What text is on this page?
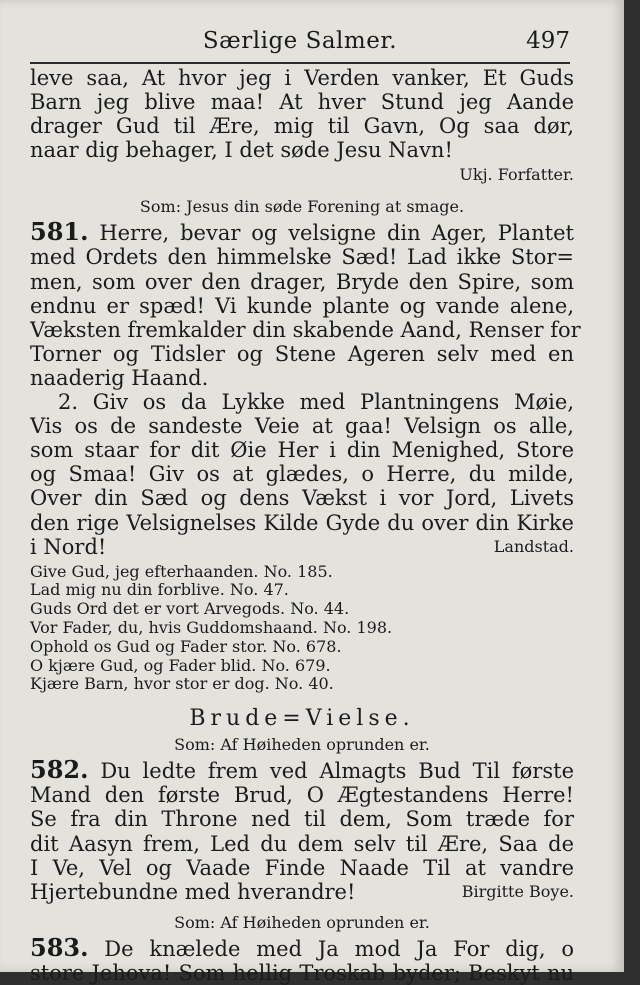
Særlige Salmer.	497
leve saa, At hvor jeg i Verden vanker, Et Guds
Barn jeg blive maa! At hver Stund jeg Aande
drager Gud til Ære, mig til Gavn, Og saa dør,
naar dig behager, I det søde Jesu Navn!
Ukj. Forfatter.
Som: Jesus din søde Forening at smage.
581. Herre, bevar og velsigne din Ager, Plantet
med Ordets den himmelske Sæd! Lad ikke Stor=
men, som over den drager, Bryde den Spire, som
endnu er spæd! Vi kunde plante og vande alene,
Væksten fremkalder din skabende Aand, Renser for
Torner og Tidsler og Stene Ageren selv med en
naaderig Haand.
2. Giv os da Lykke med Plantningens Møie,
Vis os de sandeste Veie at gaa! Velsign os alle,
som staar for dit Øie Her i din Menighed, Store
og Smaa! Giv os at glædes, o Herre, du milde,
Over din Sæd og dens Vækst i vor Jord, Livets
den rige Velsignelses Kilde Gyde du over din Kirke
i Nord!	Landstad.
Give Gud, jeg efterhaanden. No. 185.
Lad mig nu din forblive. No. 47.
Guds Ord det er vort Arvegods. No. 44.
Vor Fader, du, hvis Guddomshaand. No. 198.
Ophold os Gud og Fader stor. No. 678.
O kjære Gud, og Fader blid. No. 679.
Kjære Barn, hvor stor er dog. No. 40.
Brude=Vielse.
Som: Af Høiheden oprunden er.
582. Du ledte frem ved Almagts Bud Til første
Mand den første Brud, O Ægtestandens Herre!
Se fra din Throne ned til dem, Som træde for
dit Aasyn frem, Led du dem selv til Ære, Saa de
I Ve, Vel og Vaade Finde Naade Til at vandre
Hjertebundne med hverandre!	Birgitte Boye.
Som: Af Høiheden oprunden er.
583. De knælede med Ja mod Ja For dig, o
store Jehova! Som hellig Troskab byder; Beskyt nu
